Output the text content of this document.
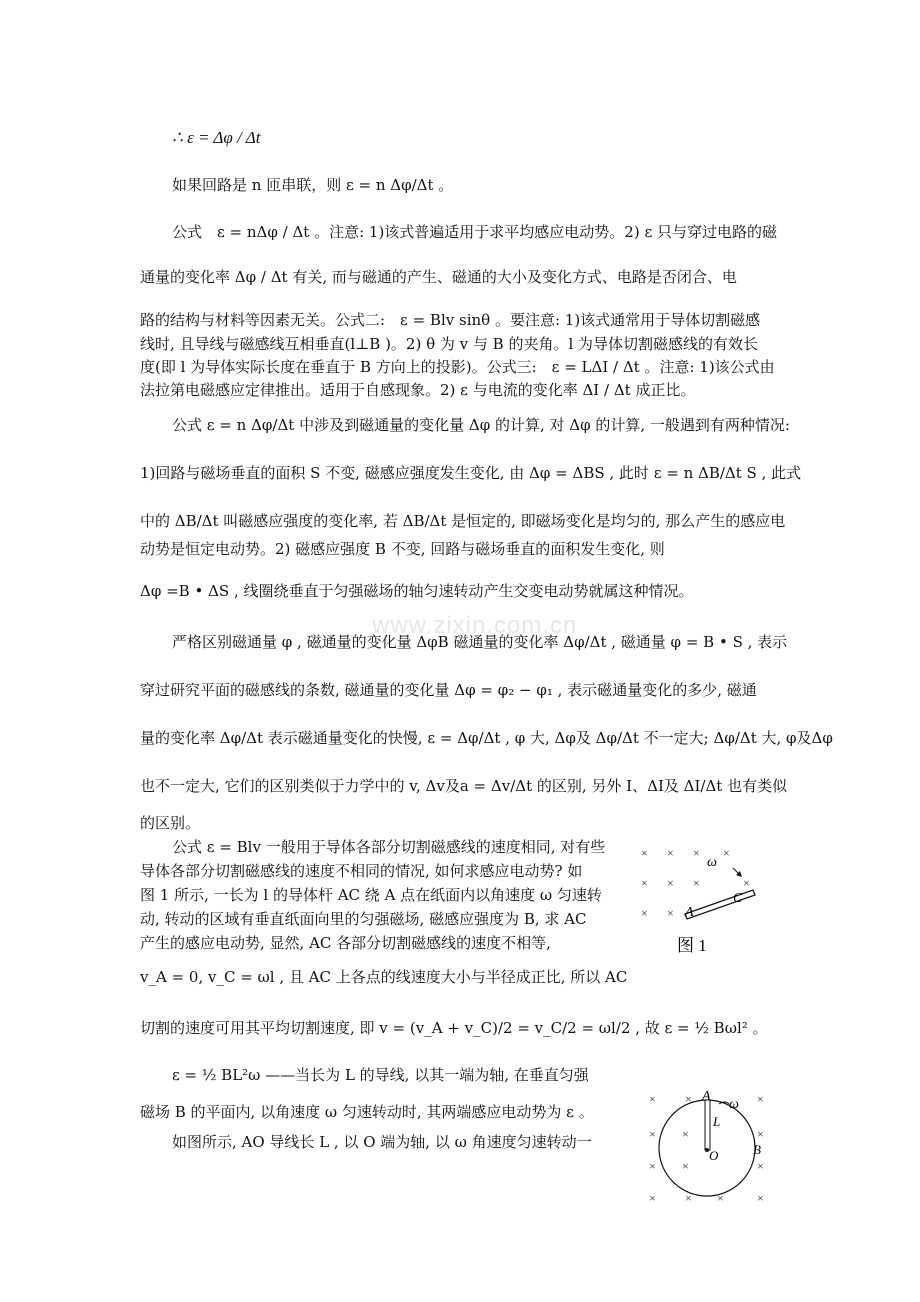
www.zixin.com.cn
∴ ε = Δφ / Δt
如果回路是 n 匝串联，则 ε = n Δφ/Δt 。
公式　ε = nΔφ / Δt 。注意: 1)该式普遍适用于求平均感应电动势。2) ε 只与穿过电路的磁
通量的变化率 Δφ / Δt 有关, 而与磁通的产生、磁通的大小及变化方式、电路是否闭合、电
路的结构与材料等因素无关。公式二:　ε = Blv sinθ 。要注意: 1)该式通常用于导体切割磁感
线时, 且导线与磁感线互相垂直(l⊥B )。2) θ 为 v 与 B 的夹角。l 为导体切割磁感线的有效长
度(即 l 为导体实际长度在垂直于 B 方向上的投影)。公式三:　ε = LΔI / Δt 。注意: 1)该公式由
法拉第电磁感应定律推出。适用于自感现象。2) ε 与电流的变化率 ΔI / Δt 成正比。
公式 ε = n Δφ/Δt 中涉及到磁通量的变化量 Δφ 的计算, 对 Δφ 的计算, 一般遇到有两种情况:
1)回路与磁场垂直的面积 S 不变, 磁感应强度发生变化, 由 Δφ = ΔBS , 此时 ε = n ΔB/Δt S , 此式
中的 ΔB/Δt 叫磁感应强度的变化率, 若 ΔB/Δt 是恒定的, 即磁场变化是均匀的, 那么产生的感应电
动势是恒定电动势。2) 磁感应强度 B 不变, 回路与磁场垂直的面积发生变化, 则
Δφ =B • ΔS , 线圈绕垂直于匀强磁场的轴匀速转动产生交变电动势就属这种情况。
严格区别磁通量 φ , 磁通量的变化量 ΔφB 磁通量的变化率 Δφ/Δt , 磁通量 φ = B • S , 表示
穿过研究平面的磁感线的条数, 磁通量的变化量 Δφ = φ₂ − φ₁ , 表示磁通量变化的多少, 磁通
量的变化率 Δφ/Δt 表示磁通量变化的快慢, ε = Δφ/Δt , φ 大, Δφ及 Δφ/Δt 不一定大; Δφ/Δt 大, φ及Δφ
也不一定大, 它们的区别类似于力学中的 v, Δv及a = Δv/Δt 的区别, 另外 I、ΔI及 ΔI/Δt 也有类似
的区别。
公式 ε = Blv 一般用于导体各部分切割磁感线的速度相同, 对有些
导体各部分切割磁感线的速度不相同的情况, 如何求感应电动势? 如
图 1 所示, 一长为 l 的导体杆 AC 绕 A 点在纸面内以角速度 ω 匀速转
动, 转动的区域有垂直纸面向里的匀强磁场, 磁感应强度为 B, 求 AC
产生的感应电动势, 显然, AC 各部分切割磁感线的速度不相等,
v_A = 0, v_C = ωl , 且 AC 上各点的线速度大小与半径成正比, 所以 AC
切割的速度可用其平均切割速度, 即 v = (v_A + v_C)/2 = v_C/2 = ωl/2 , 故 ε = ½ Bωl² 。
ε = ½ BL²ω ——当长为 L 的导线, 以其一端为轴, 在垂直匀强
磁场 B 的平面内, 以角速度 ω 匀速转动时, 其两端感应电动势为 ε 。
如图所示, AO 导线长 L , 以 O 端为轴, 以 ω 角速度匀速转动一
× × × ×
× × ×	×
× ×
ω
A
C
图 1
× ×	×
× ×	×
× ×	×
× × ×	×
A
ω
L
O	B
